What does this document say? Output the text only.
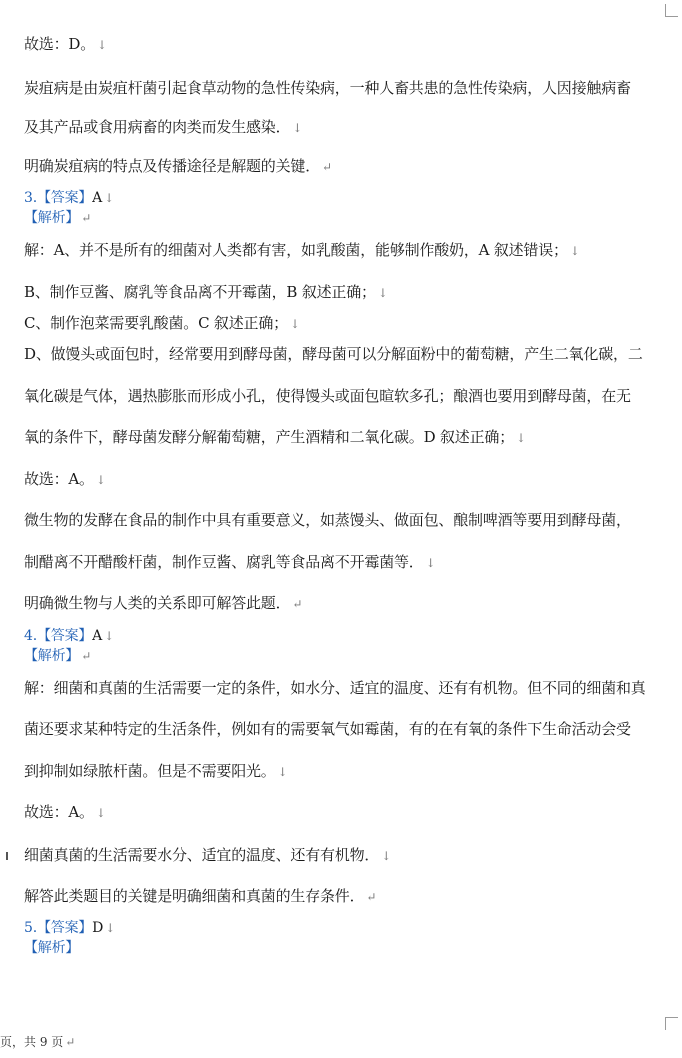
故选：D。 ↓
炭疽病是由炭疽杆菌引起食草动物的急性传染病，一种人畜共患的急性传染病，人因接触病畜
及其产品或食用病畜的肉类而发生感染． ↓
明确炭疽病的特点及传播途径是解题的关键． ↵
3.【答案】A ↓
【解析】 ↵
解：A、并不是所有的细菌对人类都有害，如乳酸菌，能够制作酸奶，A 叙述错误； ↓
B、制作豆酱、腐乳等食品离不开霉菌，B 叙述正确； ↓
C、制作泡菜需要乳酸菌。C 叙述正确； ↓
D、做馒头或面包时，经常要用到酵母菌，酵母菌可以分解面粉中的葡萄糖，产生二氧化碳，二
氧化碳是气体，遇热膨胀而形成小孔，使得馒头或面包暄软多孔；酿酒也要用到酵母菌，在无
氧的条件下，酵母菌发酵分解葡萄糖，产生酒精和二氧化碳。D 叙述正确； ↓
故选：A。 ↓
微生物的发酵在食品的制作中具有重要意义，如蒸馒头、做面包、酿制啤酒等要用到酵母菌，
制醋离不开醋酸杆菌，制作豆酱、腐乳等食品离不开霉菌等． ↓
明确微生物与人类的关系即可解答此题． ↵
4.【答案】A ↓
【解析】 ↵
解：细菌和真菌的生活需要一定的条件，如水分、适宜的温度、还有有机物。但不同的细菌和真
菌还要求某种特定的生活条件，例如有的需要氧气如霉菌，有的在有氧的条件下生命活动会受
到抑制如绿脓杆菌。但是不需要阳光。 ↓
故选：A。 ↓
细菌真菌的生活需要水分、适宜的温度、还有有机物． ↓
解答此类题目的关键是明确细菌和真菌的生存条件． ↵
5.【答案】D ↓
【解析】
页，共 9 页 ↵
